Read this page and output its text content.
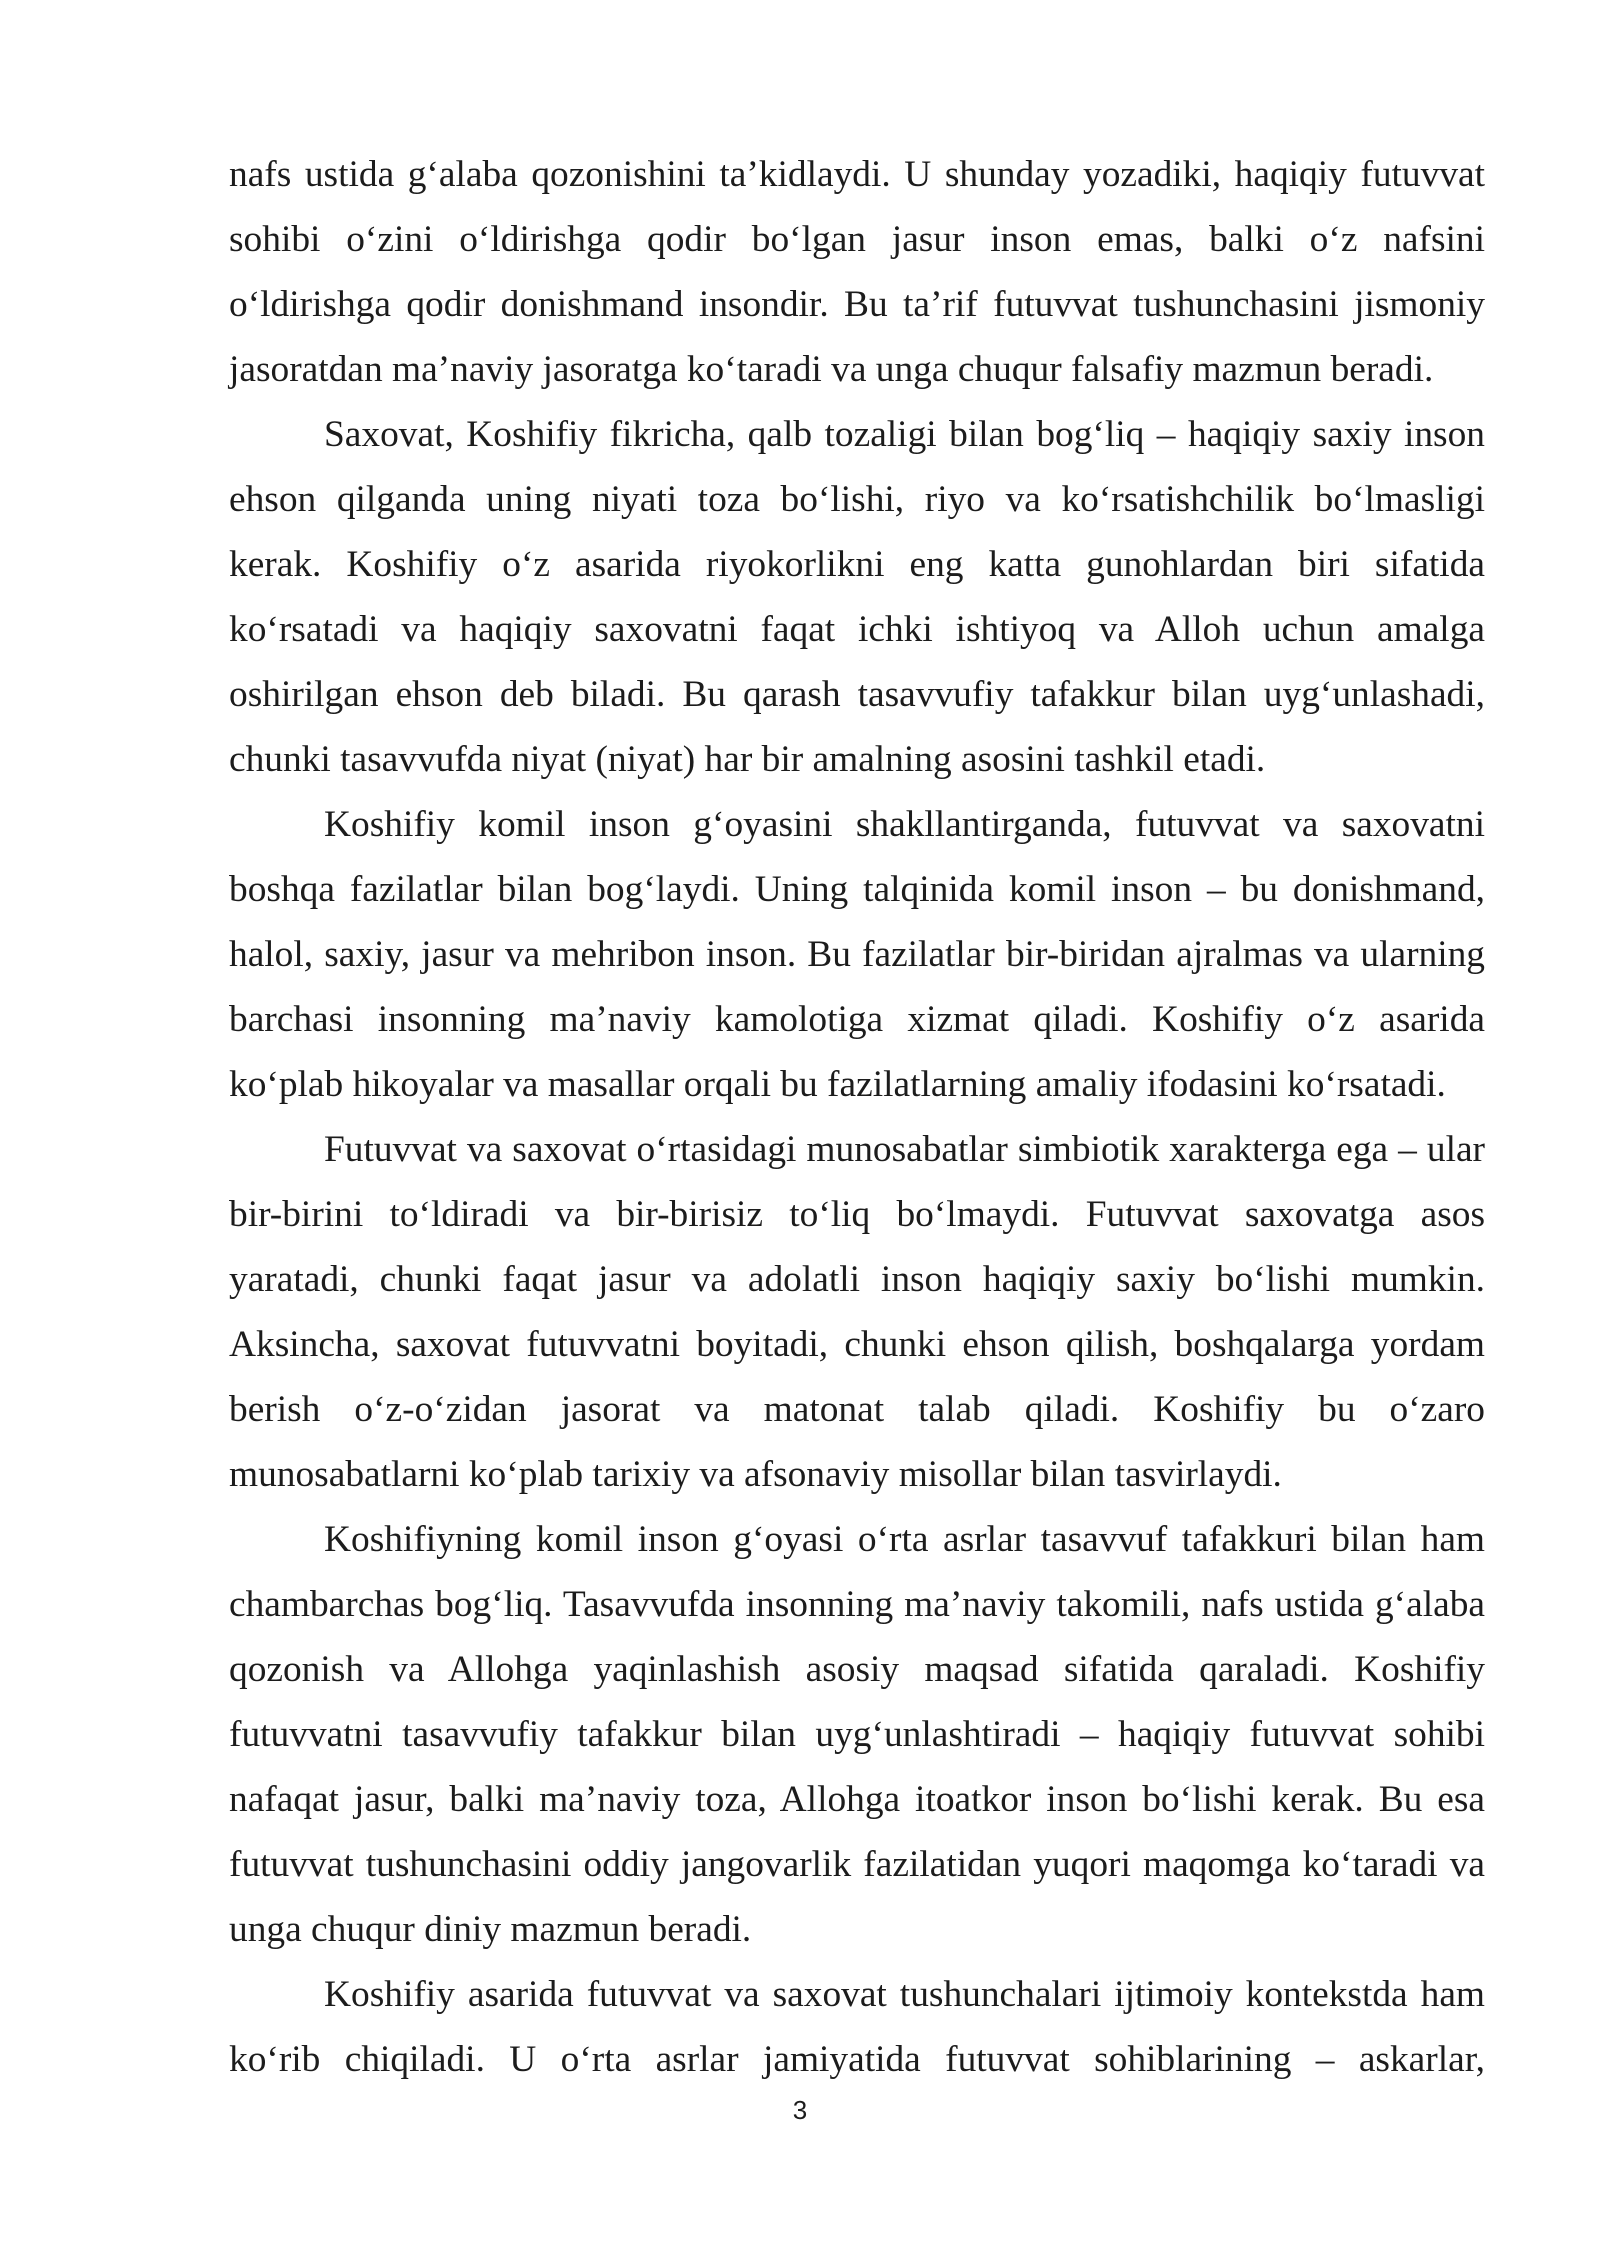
nafs ustida g‘alaba qozonishini ta’kidlaydi. U shunday yozadiki, haqiqiy futuvvat sohibi o‘zini o‘ldirishga qodir bo‘lgan jasur inson emas, balki o‘z nafsini o‘ldirishga qodir donishmand insondir. Bu ta’rif futuvvat tushunchasini jismoniy jasoratdan ma’naviy jasoratga ko‘taradi va unga chuqur falsafiy mazmun beradi.

Saxovat, Koshifiy fikricha, qalb tozaligi bilan bog‘liq – haqiqiy saxiy inson ehson qilganda uning niyati toza bo‘lishi, riyo va ko‘rsatishchilik bo‘lmasligi kerak. Koshifiy o‘z asarida riyokorlikni eng katta gunohlardan biri sifatida ko‘rsatadi va haqiqiy saxovatni faqat ichki ishtiyoq va Alloh uchun amalga oshirilgan ehson deb biladi. Bu qarash tasavvufiy tafakkur bilan uyg‘unlashadi, chunki tasavvufda niyat (niyat) har bir amalning asosini tashkil etadi.

Koshifiy komil inson g‘oyasini shakllantirganda, futuvvat va saxovatni boshqa fazilatlar bilan bog‘laydi. Uning talqinida komil inson – bu donishmand, halol, saxiy, jasur va mehribon inson. Bu fazilatlar bir-biridan ajralmas va ularning barchasi insonning ma’naviy kamolotiga xizmat qiladi. Koshifiy o‘z asarida ko‘plab hikoyalar va masallar orqali bu fazilatlarning amaliy ifodasini ko‘rsatadi.

Futuvvat va saxovat o‘rtasidagi munosabatlar simbiotik xarakterga ega – ular bir-birini to‘ldiradi va bir-birisiz to‘liq bo‘lmaydi. Futuvvat saxovatga asos yaratadi, chunki faqat jasur va adolatli inson haqiqiy saxiy bo‘lishi mumkin. Aksincha, saxovat futuvvatni boyitadi, chunki ehson qilish, boshqalarga yordam berish o‘z-o‘zidan jasorat va matonat talab qiladi. Koshifiy bu o‘zaro munosabatlarni ko‘plab tarixiy va afsonaviy misollar bilan tasvirlaydi.

Koshifiyning komil inson g‘oyasi o‘rta asrlar tasavvuf tafakkuri bilan ham chambarchas bog‘liq. Tasavvufda insonning ma’naviy takomili, nafs ustida g‘alaba qozonish va Allohga yaqinlashish asosiy maqsad sifatida qaraladi. Koshifiy futuvvatni tasavvufiy tafakkur bilan uyg‘unlashtiradi – haqiqiy futuvvat sohibi nafaqat jasur, balki ma’naviy toza, Allohga itoatkor inson bo‘lishi kerak. Bu esa futuvvat tushunchasini oddiy jangovarlik fazilatidan yuqori maqomga ko‘taradi va unga chuqur diniy mazmun beradi.

Koshifiy asarida futuvvat va saxovat tushunchalari ijtimoiy kontekstda ham ko‘rib chiqiladi. U o‘rta asrlar jamiyatida futuvvat sohiblarining – askarlar,

3
